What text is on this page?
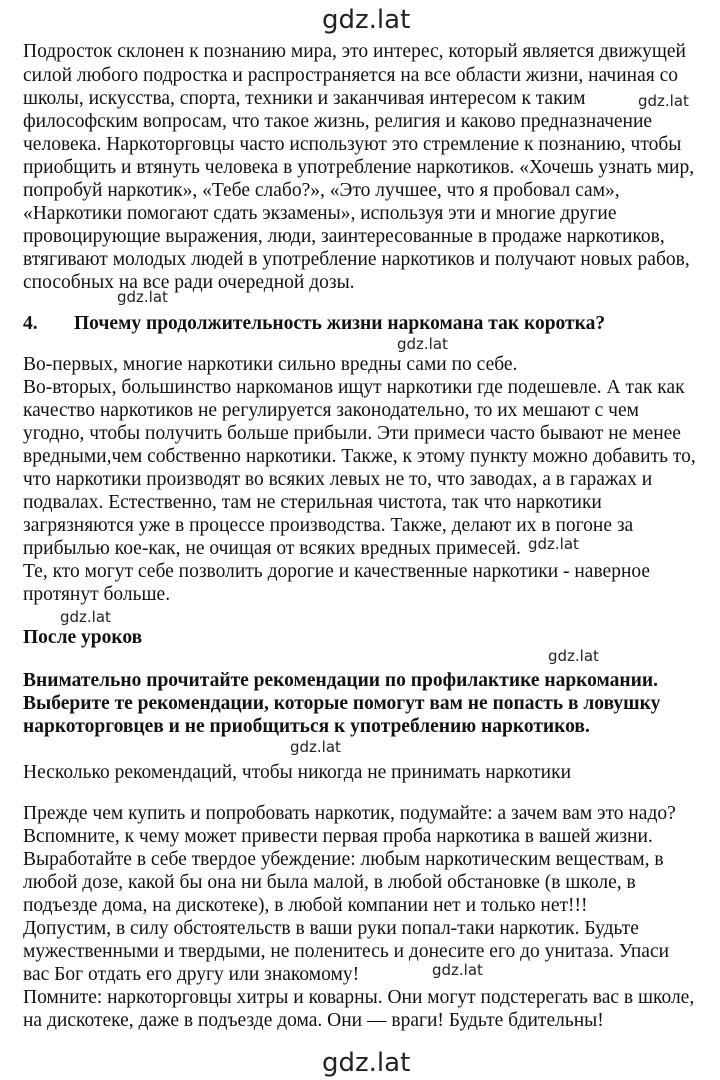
gdz.lat
gdz.lat
gdz.lat
gdz.lat
gdz.lat
gdz.lat
gdz.lat
gdz.lat
gdz.lat
gdz.lat
Подросток склонен к познанию мира, это интерес, который является движущей
силой любого подростка и распространяется на все области жизни, начиная со
школы, искусства, спорта, техники и заканчивая интересом к таким
философским вопросам, что такое жизнь, религия и каково предназначение
человека. Наркоторговцы часто используют это стремление к познанию, чтобы
приобщить и втянуть человека в употребление наркотиков. «Хочешь узнать мир,
попробуй наркотик», «Тебе слабо?», «Это лучшее, что я пробовал сам»,
«Наркотики помогают сдать экзамены», используя эти и многие другие
провоцирующие выражения, люди, заинтересованные в продаже наркотиков,
втягивают молодых людей в употребление наркотиков и получают новых рабов,
способных на все ради очередной дозы.
4. Почему продолжительность жизни наркомана так коротка?
Во-первых, многие наркотики сильно вредны сами по себе.
Во-вторых, большинство наркоманов ищут наркотики где подешевле. А так как
качество наркотиков не регулируется законодательно, то их мешают с чем
угодно, чтобы получить больше прибыли. Эти примеси часто бывают не менее
вредными,чем собственно наркотики. Также, к этому пункту можно добавить то,
что наркотики производят во всяких левых не то, что заводах, а в гаражах и
подвалах. Естественно, там не стерильная чистота, так что наркотики
загрязняются уже в процессе производства. Также, делают их в погоне за
прибылью кое-как, не очищая от всяких вредных примесей.
Те, кто могут себе позволить дорогие и качественные наркотики - наверное
протянут больше.
После уроков
Внимательно прочитайте рекомендации по профилактике наркомании.
Выберите те рекомендации, которые помогут вам не попасть в ловушку
наркоторговцев и не приобщиться к употреблению наркотиков.
Несколько рекомендаций, чтобы никогда не принимать наркотики
Прежде чем купить и попробовать наркотик, подумайте: а зачем вам это надо?
Вспомните, к чему может привести первая проба наркотика в вашей жизни.
Выработайте в себе твердое убеждение: любым наркотическим веществам, в
любой дозе, какой бы она ни была малой, в любой обстановке (в школе, в
подъезде дома, на дискотеке), в любой компании нет и только нет!!!
Допустим, в силу обстоятельств в ваши руки попал-таки наркотик. Будьте
мужественными и твердыми, не поленитесь и донесите его до унитаза. Упаси
вас Бог отдать его другу или знакомому!
Помните: наркоторговцы хитры и коварны. Они могут подстерегать вас в школе,
на дискотеке, даже в подъезде дома. Они — враги! Будьте бдительны!
